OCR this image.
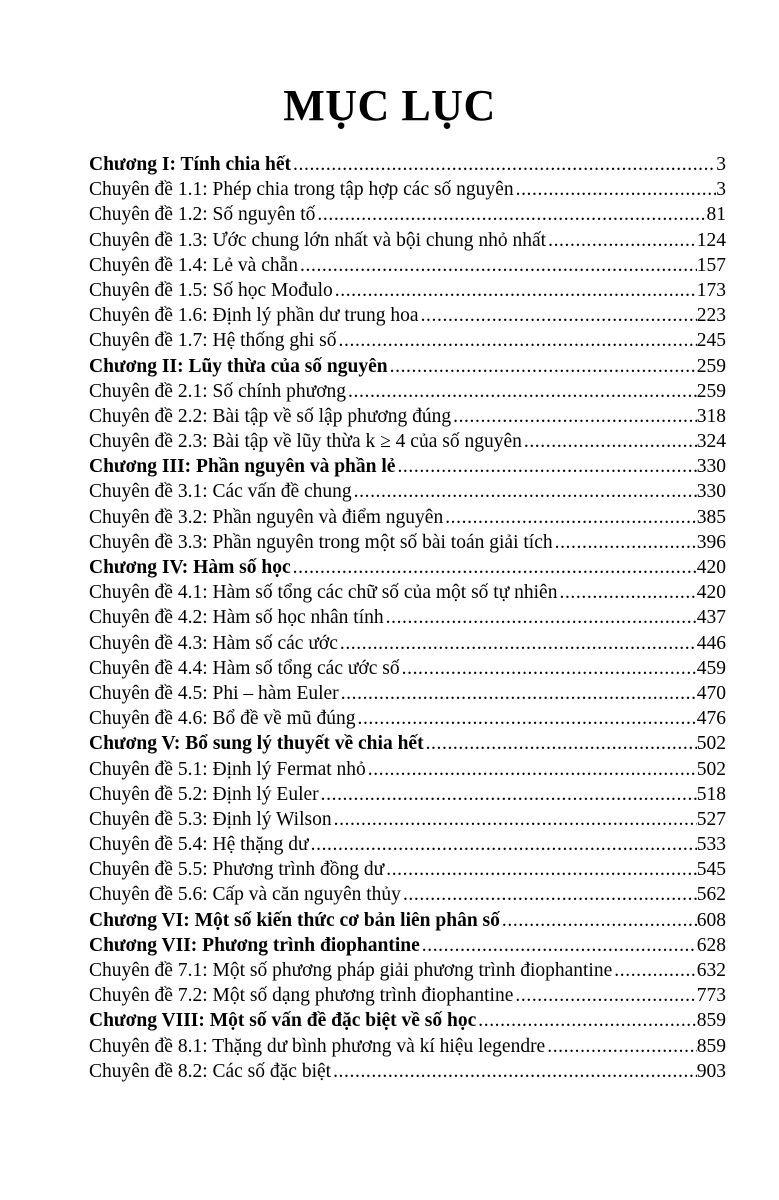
MỤC LỤC
Chương I: Tính chia hết .....	3
Chuyên đề 1.1: Phép chia trong tập hợp các số nguyên .....	3
Chuyên đề 1.2: Số nguyên tố .....	81
Chuyên đề 1.3: Ước chung lớn nhất và bội chung nhỏ nhất .....	124
Chuyên đề 1.4: Lẻ và chẵn .....	157
Chuyên đề 1.5: Số học Mođulo .....	173
Chuyên đề 1.6: Định lý phần dư trung hoa .....	223
Chuyên đề 1.7: Hệ thống ghi số .....	245
Chương II: Lũy thừa của số nguyên .....	259
Chuyên đề 2.1: Số chính phương .....	259
Chuyên đề 2.2: Bài tập về số lập phương đúng .....	318
Chuyên đề 2.3: Bài tập về lũy thừa k ≥ 4 của số nguyên .....	324
Chương III: Phần nguyên và phần lẻ .....	330
Chuyên đề 3.1: Các vấn đề chung .....	330
Chuyên đề 3.2: Phần nguyên và điểm nguyên .....	385
Chuyên đề 3.3: Phần nguyên trong một số bài toán giải tích .....	396
Chương IV: Hàm số học .....	420
Chuyên đề 4.1: Hàm số tổng các chữ số của một số tự nhiên .....	420
Chuyên đề 4.2: Hàm số học nhân tính .....	437
Chuyên đề 4.3: Hàm số các ước .....	446
Chuyên đề 4.4: Hàm số tổng các ước số .....	459
Chuyên đề 4.5: Phi – hàm Euler .....	470
Chuyên đề 4.6: Bổ đề về mũ đúng .....	476
Chương V: Bổ sung lý thuyết về chia hết .....	502
Chuyên đề 5.1: Định lý Fermat nhỏ .....	502
Chuyên đề 5.2: Định lý Euler .....	518
Chuyên đề 5.3: Định lý Wilson .....	527
Chuyên đề 5.4: Hệ thặng dư .....	533
Chuyên đề 5.5: Phương trình đồng dư .....	545
Chuyên đề 5.6: Cấp và căn nguyên thủy .....	562
Chương VI: Một số kiến thức cơ bản liên phân số .....	608
Chương VII: Phương trình điophantine .....	628
Chuyên đề 7.1: Một số phương pháp giải phương trình điophantine .....	632
Chuyên đề 7.2: Một số dạng phương trình điophantine .....	773
Chương VIII: Một số vấn đề đặc biệt về số học .....	859
Chuyên đề 8.1: Thặng dư bình phương và kí hiệu legendre .....	859
Chuyên đề 8.2: Các số đặc biệt .....	903
